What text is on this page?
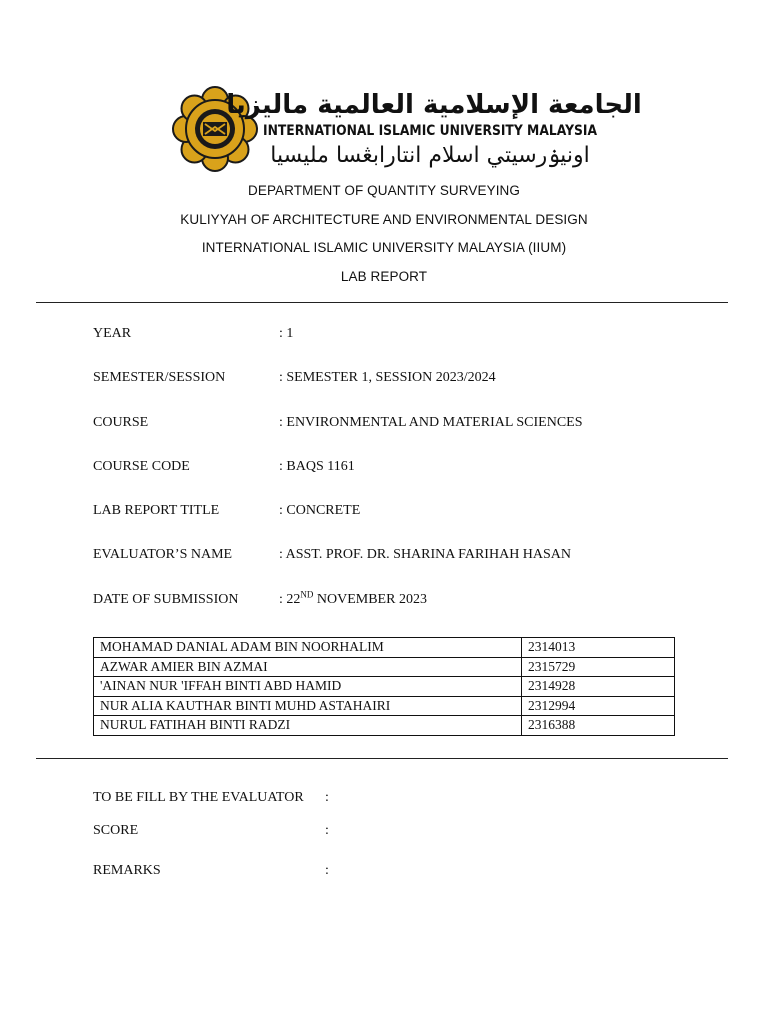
الجامعة الإسلامية العالمية ماليزيا
INTERNATIONAL ISLAMIC UNIVERSITY MALAYSIA
اونيۏرسيتي اسلام انتارابڠسا مليسيا
DEPARTMENT OF QUANTITY SURVEYING
KULIYYAH OF ARCHITECTURE AND ENVIRONMENTAL DESIGN
INTERNATIONAL ISLAMIC UNIVERSITY MALAYSIA (IIUM)
LAB REPORT
YEAR	: 1
SEMESTER/SESSION	: SEMESTER 1, SESSION 2023/2024
COURSE	: ENVIRONMENTAL AND MATERIAL SCIENCES
COURSE CODE	: BAQS 1161
LAB REPORT TITLE	: CONCRETE
EVALUATOR’S NAME	: ASST. PROF. DR. SHARINA FARIHAH HASAN
DATE OF SUBMISSION	: 22ND NOVEMBER 2023
MOHAMAD DANIAL ADAM BIN NOORHALIM	2314013
AZWAR AMIER BIN AZMAI	2315729
'AINAN NUR 'IFFAH BINTI ABD HAMID	2314928
NUR ALIA KAUTHAR BINTI MUHD ASTAHAIRI	2312994
NURUL FATIHAH BINTI RADZI	2316388
TO BE FILL BY THE EVALUATOR :
SCORE	:
REMARKS	:
